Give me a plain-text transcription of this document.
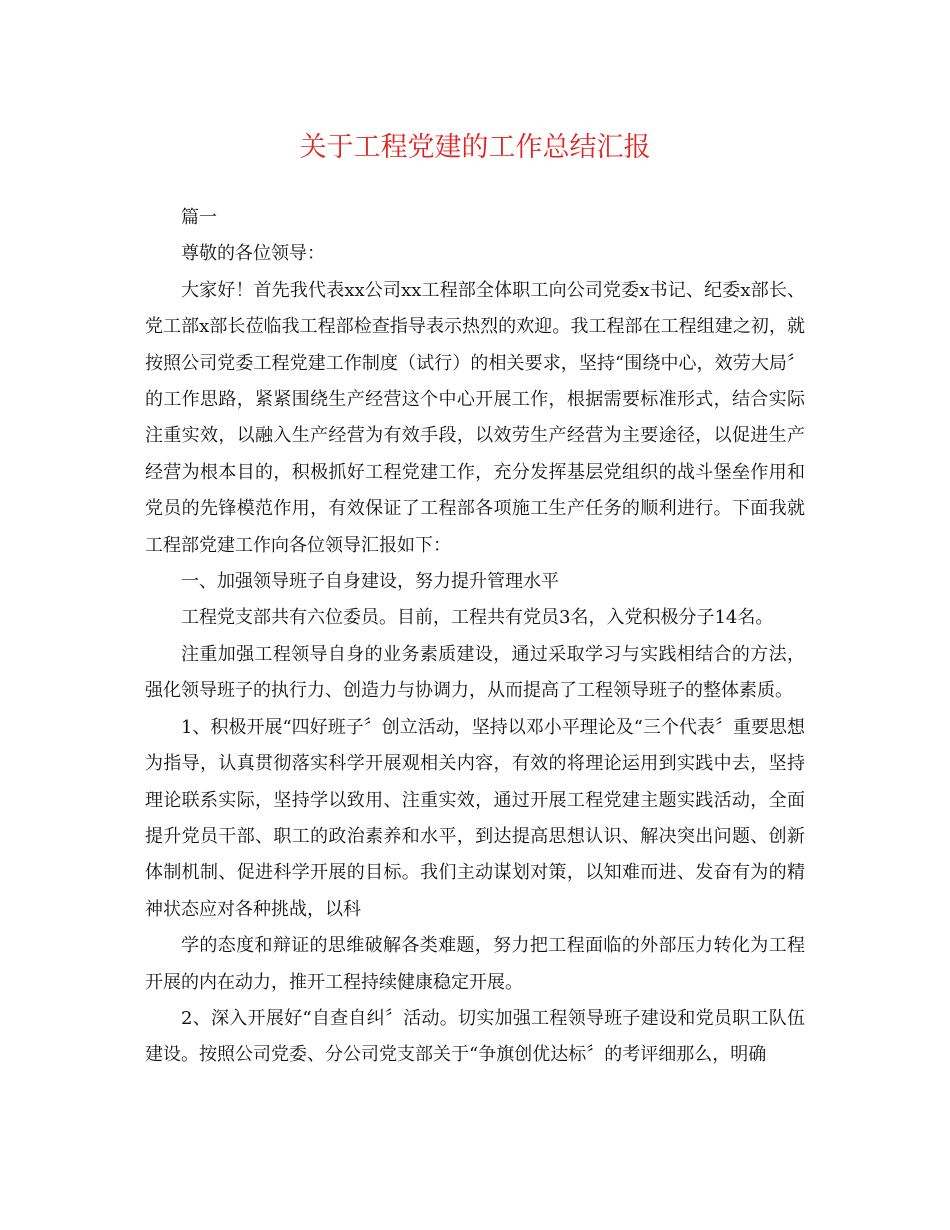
关于工程党建的工作总结汇报

篇一

尊敬的各位领导：

大家好！首先我代表xx公司xx工程部全体职工向公司党委x书记、纪委x部长、党工部x部长莅临我工程部检查指导表示热烈的欢迎。我工程部在工程组建之初，就按照公司党委工程党建工作制度（试行）的相关要求，坚持“围绕中心，效劳大局〞的工作思路，紧紧围绕生产经营这个中心开展工作，根据需要标准形式，结合实际注重实效，以融入生产经营为有效手段，以效劳生产经营为主要途径，以促进生产经营为根本目的，积极抓好工程党建工作，充分发挥基层党组织的战斗堡垒作用和党员的先锋模范作用，有效保证了工程部各项施工生产任务的顺利进行。下面我就工程部党建工作向各位领导汇报如下：

一、加强领导班子自身建设，努力提升管理水平

工程党支部共有六位委员。目前，工程共有党员3名，入党积极分子14名。

注重加强工程领导自身的业务素质建设，通过采取学习与实践相结合的方法，强化领导班子的执行力、创造力与协调力，从而提高了工程领导班子的整体素质。

1、积极开展“四好班子〞创立活动，坚持以邓小平理论及“三个代表〞重要思想为指导，认真贯彻落实科学开展观相关内容，有效的将理论运用到实践中去，坚持理论联系实际，坚持学以致用、注重实效，通过开展工程党建主题实践活动，全面提升党员干部、职工的政治素养和水平，到达提高思想认识、解决突出问题、创新体制机制、促进科学开展的目标。我们主动谋划对策，以知难而进、发奋有为的精神状态应对各种挑战，以科

学的态度和辩证的思维破解各类难题，努力把工程面临的外部压力转化为工程开展的内在动力，推开工程持续健康稳定开展。

2、深入开展好“自查自纠〞活动。切实加强工程领导班子建设和党员职工队伍建设。按照公司党委、分公司党支部关于“争旗创优达标〞的考评细那么，明确
